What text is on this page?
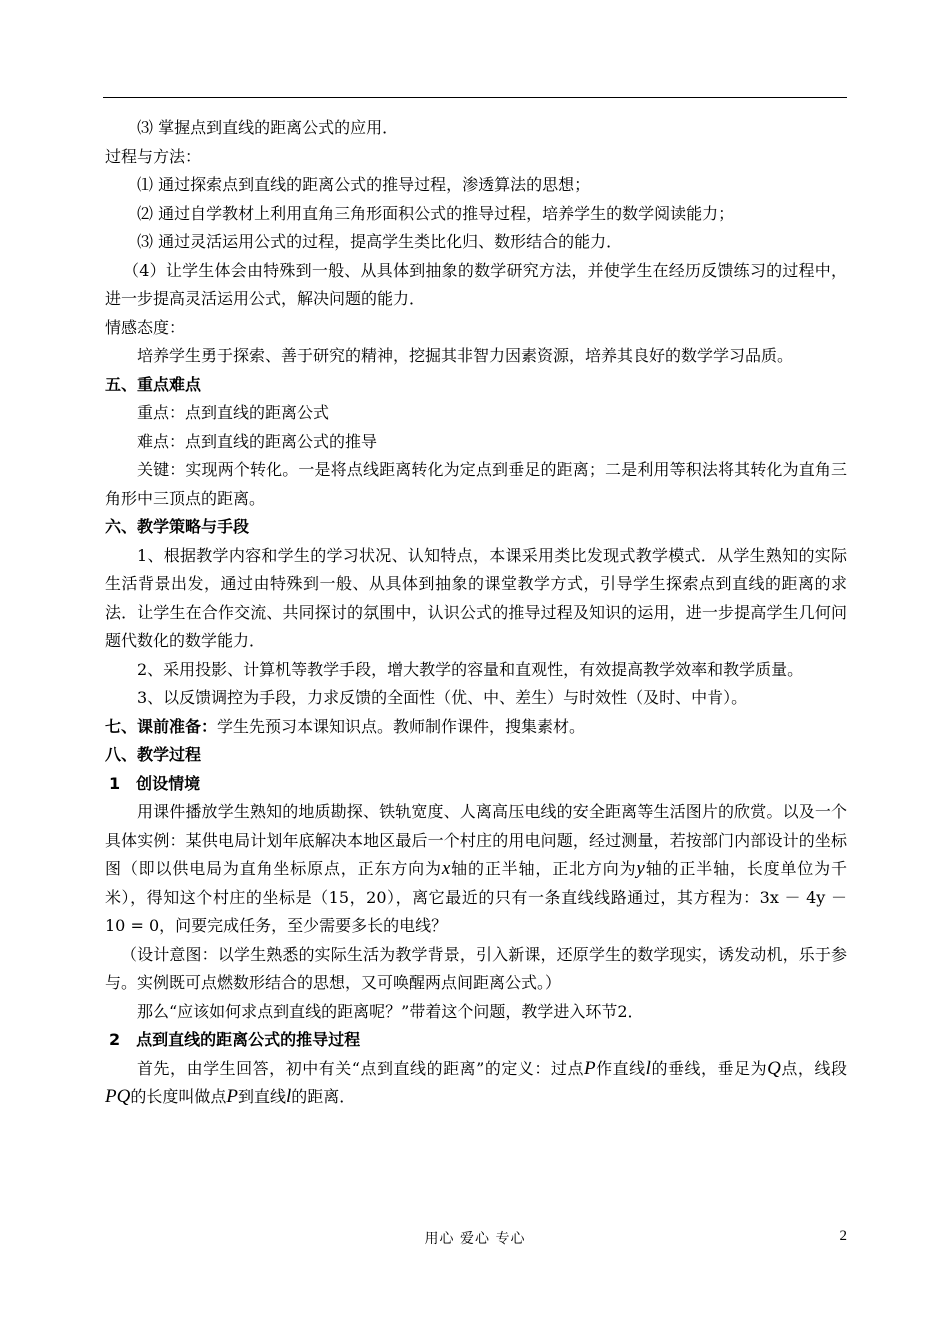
⑶ 掌握点到直线的距离公式的应用．

过程与方法：

⑴ 通过探索点到直线的距离公式的推导过程，渗透算法的思想；

⑵ 通过自学教材上利用直角三角形面积公式的推导过程，培养学生的数学阅读能力；

⑶ 通过灵活运用公式的过程，提高学生类比化归、数形结合的能力．

（4）让学生体会由特殊到一般、从具体到抽象的数学研究方法，并使学生在经历反馈练习的过程中，进一步提高灵活运用公式，解决问题的能力．

情感态度：

培养学生勇于探索、善于研究的精神，挖掘其非智力因素资源，培养其良好的数学学习品质。

五、重点难点

重点：点到直线的距离公式

难点：点到直线的距离公式的推导

关键：实现两个转化。一是将点线距离转化为定点到垂足的距离；二是利用等积法将其转化为直角三角形中三顶点的距离。

六、教学策略与手段

1、根据教学内容和学生的学习状况、认知特点，本课采用类比发现式教学模式．从学生熟知的实际生活背景出发，通过由特殊到一般、从具体到抽象的课堂教学方式，引导学生探索点到直线的距离的求法．让学生在合作交流、共同探讨的氛围中，认识公式的推导过程及知识的运用，进一步提高学生几何问题代数化的数学能力．

2、采用投影、计算机等教学手段，增大教学的容量和直观性，有效提高教学效率和教学质量。

3、以反馈调控为手段，力求反馈的全面性（优、中、差生）与时效性（及时、中肯）。

七、课前准备：学生先预习本课知识点。教师制作课件，搜集素材。

八、教学过程

1　创设情境

用课件播放学生熟知的地质勘探、铁轨宽度、人离高压电线的安全距离等生活图片的欣赏。以及一个具体实例：某供电局计划年底解决本地区最后一个村庄的用电问题，经过测量，若按部门内部设计的坐标图（即以供电局为直角坐标原点，正东方向为x轴的正半轴，正北方向为y轴的正半轴，长度单位为千米），得知这个村庄的坐标是（15，20），离它最近的只有一条直线线路通过，其方程为：3x － 4y － 10 = 0，问要完成任务，至少需要多长的电线？

（设计意图：以学生熟悉的实际生活为教学背景，引入新课，还原学生的数学现实，诱发动机，乐于参与。实例既可点燃数形结合的思想，又可唤醒两点间距离公式。）

那么“应该如何求点到直线的距离呢？”带着这个问题，教学进入环节2．

2　点到直线的距离公式的推导过程

首先，由学生回答，初中有关“点到直线的距离”的定义：过点P作直线l的垂线，垂足为Q点，线段PQ的长度叫做点P到直线l的距离．

用心 爱心 专心	2
